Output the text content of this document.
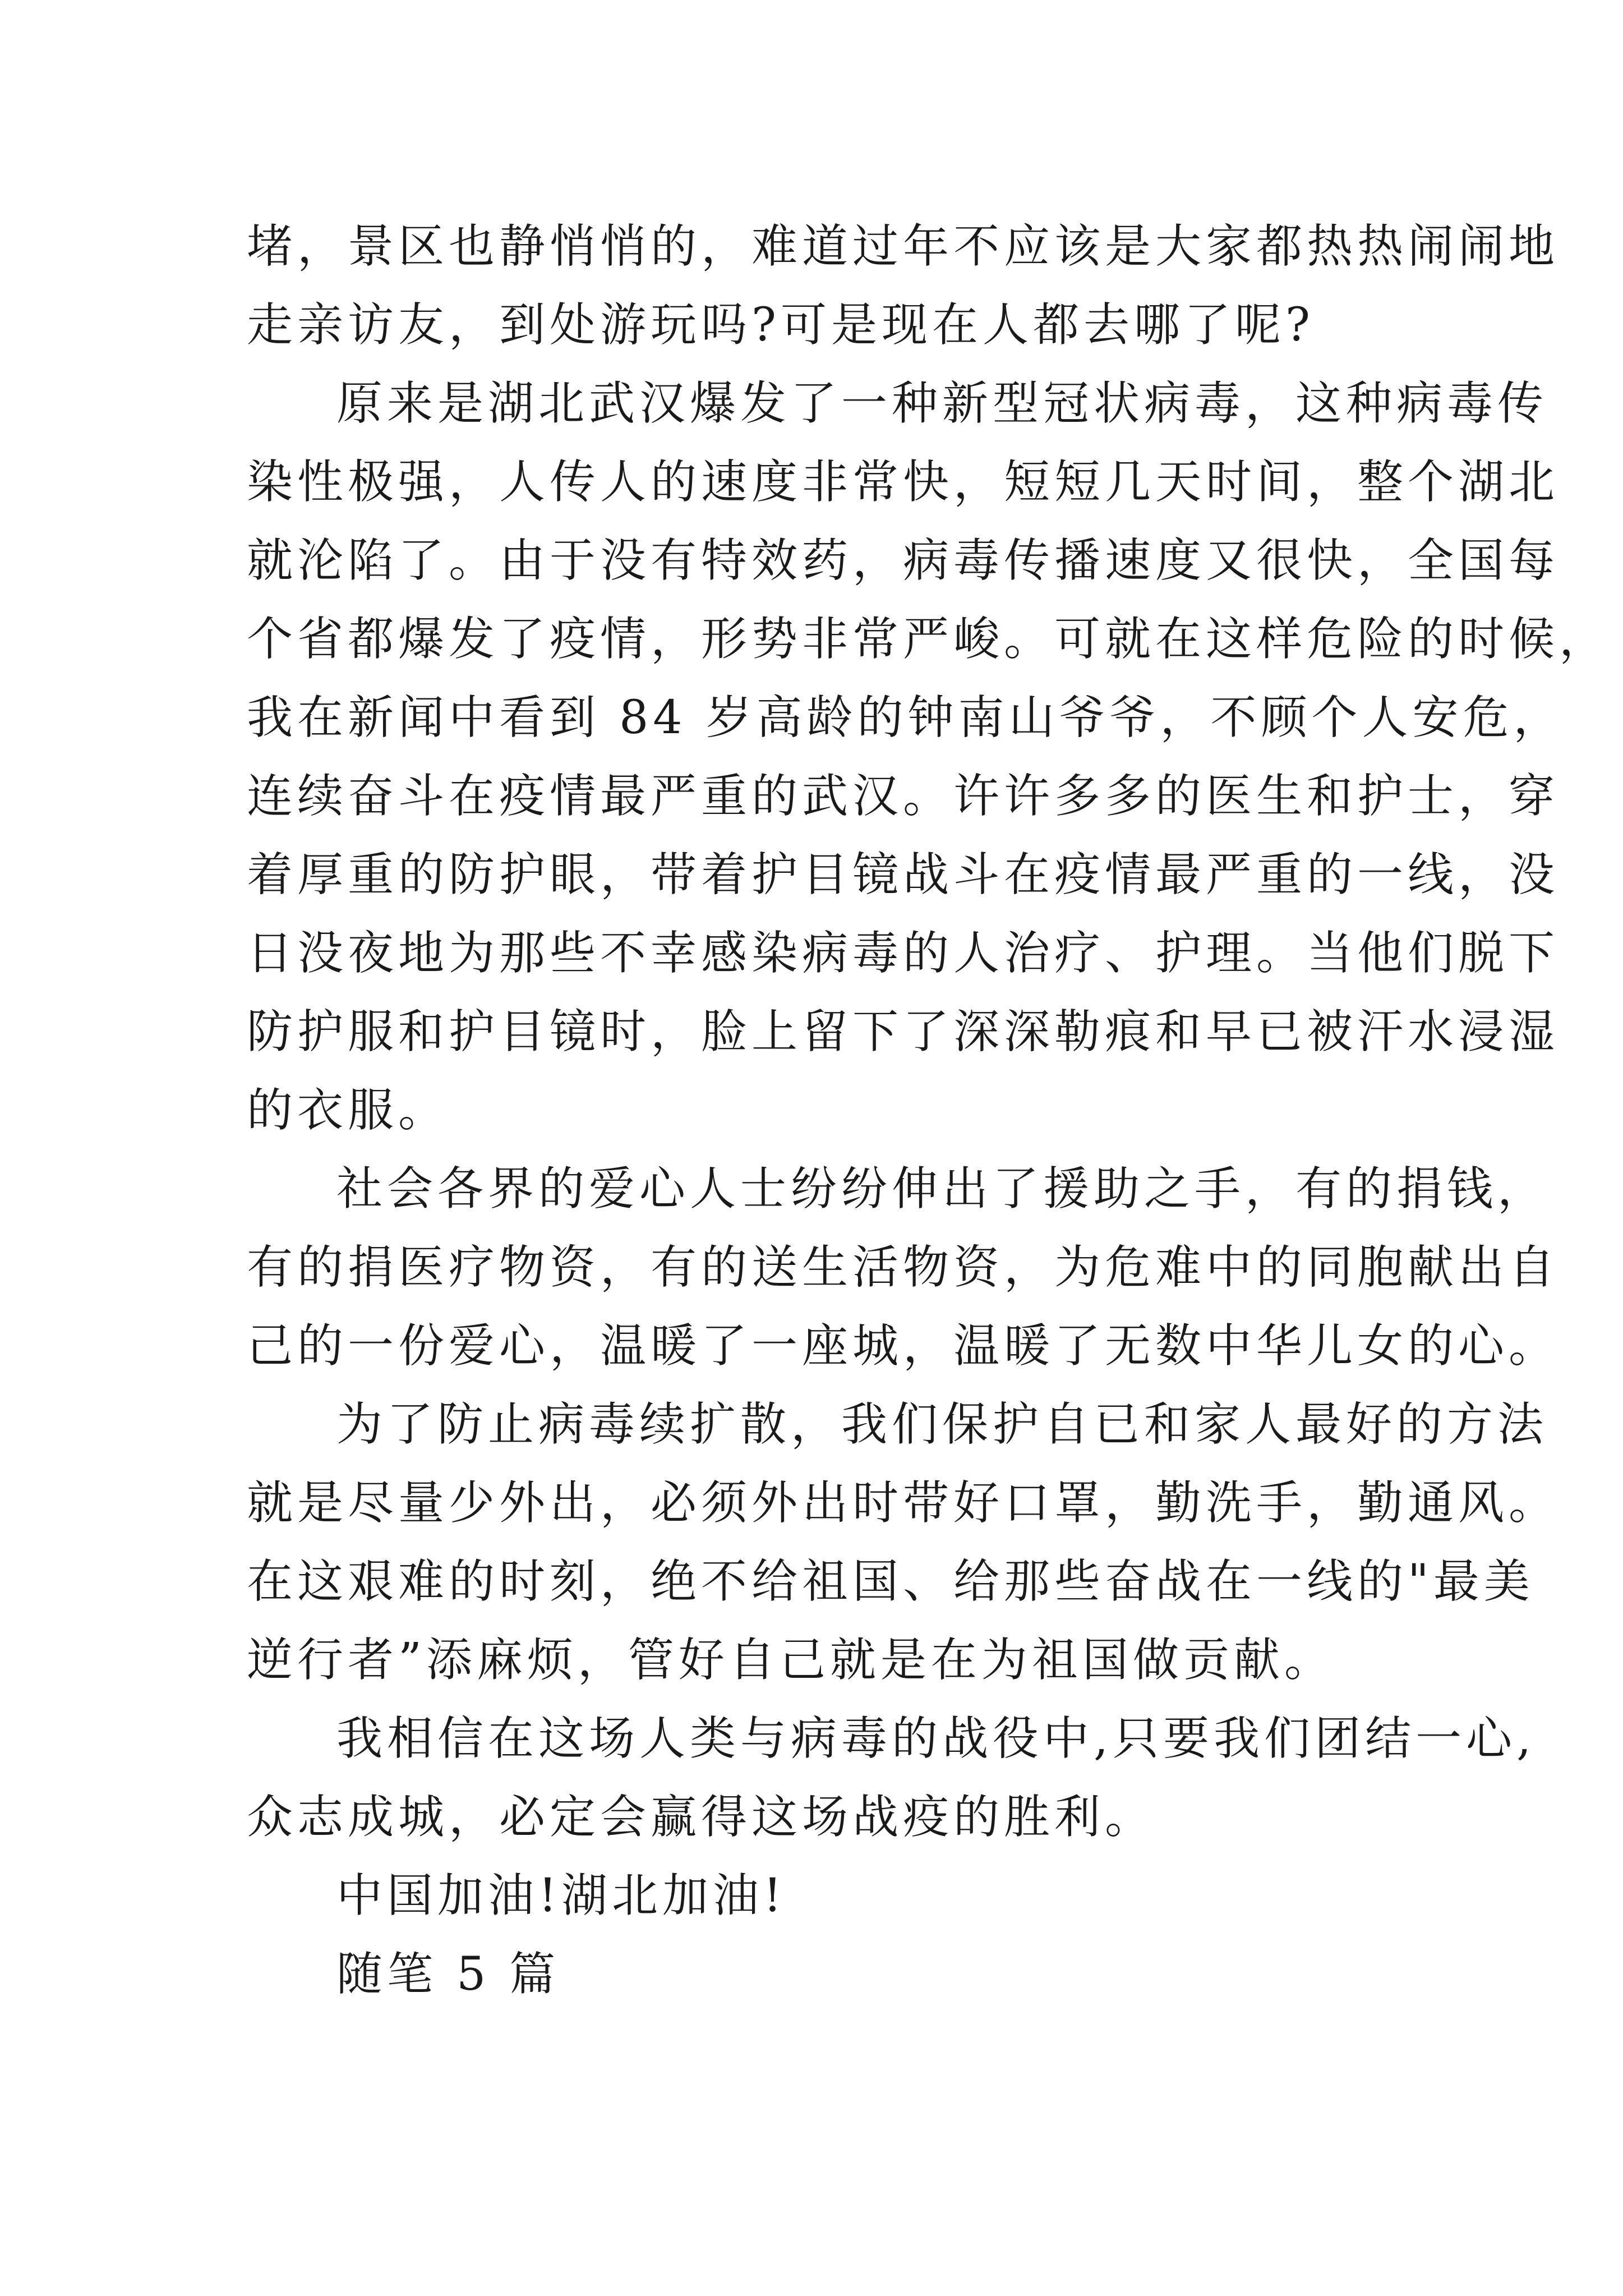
堵，景区也静悄悄的，难道过年不应该是大家都热热闹闹地
走亲访友，到处游玩吗?可是现在人都去哪了呢?
原来是湖北武汉爆发了一种新型冠状病毒，这种病毒传
染性极强，人传人的速度非常快，短短几天时间，整个湖北
就沦陷了。由于没有特效药，病毒传播速度又很快，全国每
个省都爆发了疫情，形势非常严峻。可就在这样危险的时候，
我在新闻中看到 84 岁高龄的钟南山爷爷，不顾个人安危，
连续奋斗在疫情最严重的武汉。许许多多的医生和护士，穿
着厚重的防护眼，带着护目镜战斗在疫情最严重的一线，没
日没夜地为那些不幸感染病毒的人治疗、护理。当他们脱下
防护服和护目镜时，脸上留下了深深勒痕和早已被汗水浸湿
的衣服。
社会各界的爱心人士纷纷伸出了援助之手，有的捐钱，
有的捐医疗物资，有的送生活物资，为危难中的同胞献出自
己的一份爱心，温暖了一座城，温暖了无数中华儿女的心。
为了防止病毒续扩散，我们保护自已和家人最好的方法
就是尽量少外出，必须外出时带好口罩，勤洗手，勤通风。
在这艰难的时刻，绝不给祖国、给那些奋战在一线的"最美
逆行者”添麻烦，管好自己就是在为祖国做贡献。
我相信在这场人类与病毒的战役中,只要我们团结一心,
众志成城，必定会赢得这场战疫的胜利。
中国加油!湖北加油!
随笔 5 篇
